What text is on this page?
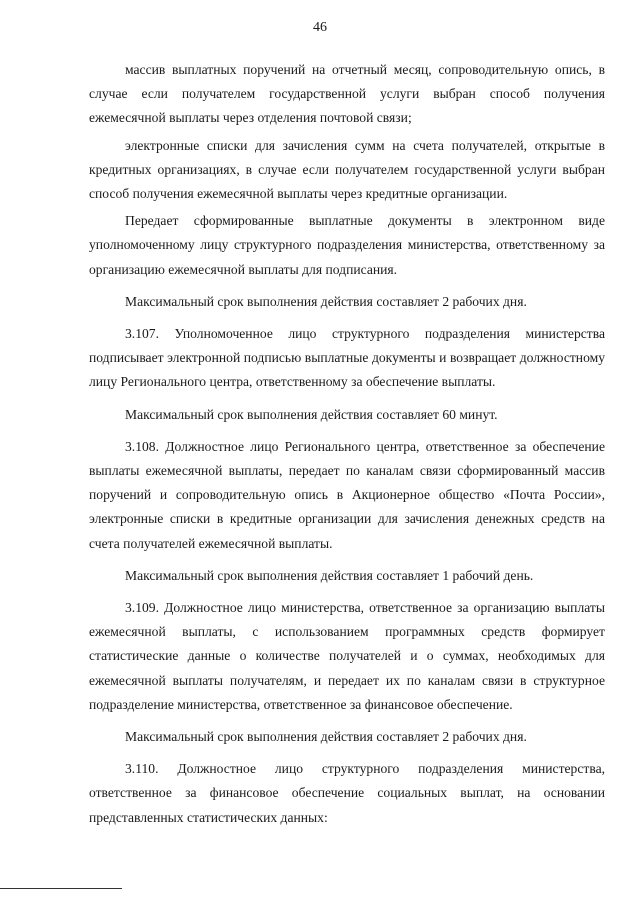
46

массив выплатных поручений на отчетный месяц, сопроводительную опись, в случае если получателем государственной услуги выбран способ получения ежемесячной выплаты через отделения почтовой связи;

электронные списки для зачисления сумм на счета получателей, открытые в кредитных организациях, в случае если получателем государственной услуги выбран способ получения ежемесячной выплаты через кредитные организации.

Передает сформированные выплатные документы в электронном виде уполномоченному лицу структурного подразделения министерства, ответственному за организацию ежемесячной выплаты для подписания.

Максимальный срок выполнения действия составляет 2 рабочих дня.

3.107. Уполномоченное лицо структурного подразделения министерства подписывает электронной подписью выплатные документы и возвращает должностному лицу Регионального центра, ответственному за обеспечение выплаты.

Максимальный срок выполнения действия составляет 60 минут.

3.108. Должностное лицо Регионального центра, ответственное за обеспечение выплаты ежемесячной выплаты, передает по каналам связи сформированный массив поручений и сопроводительную опись в Акционерное общество «Почта России», электронные списки в кредитные организации для зачисления денежных средств на счета получателей ежемесячной выплаты.

Максимальный срок выполнения действия составляет 1 рабочий день.

3.109. Должностное лицо министерства, ответственное за организацию выплаты ежемесячной выплаты, с использованием программных средств формирует статистические данные о количестве получателей и о суммах, необходимых для ежемесячной выплаты получателям, и передает их по каналам связи в структурное подразделение министерства, ответственное за финансовое обеспечение.

Максимальный срок выполнения действия составляет 2 рабочих дня.

3.110. Должностное лицо структурного подразделения министерства, ответственное за финансовое обеспечение социальных выплат, на основании представленных статистических данных:
